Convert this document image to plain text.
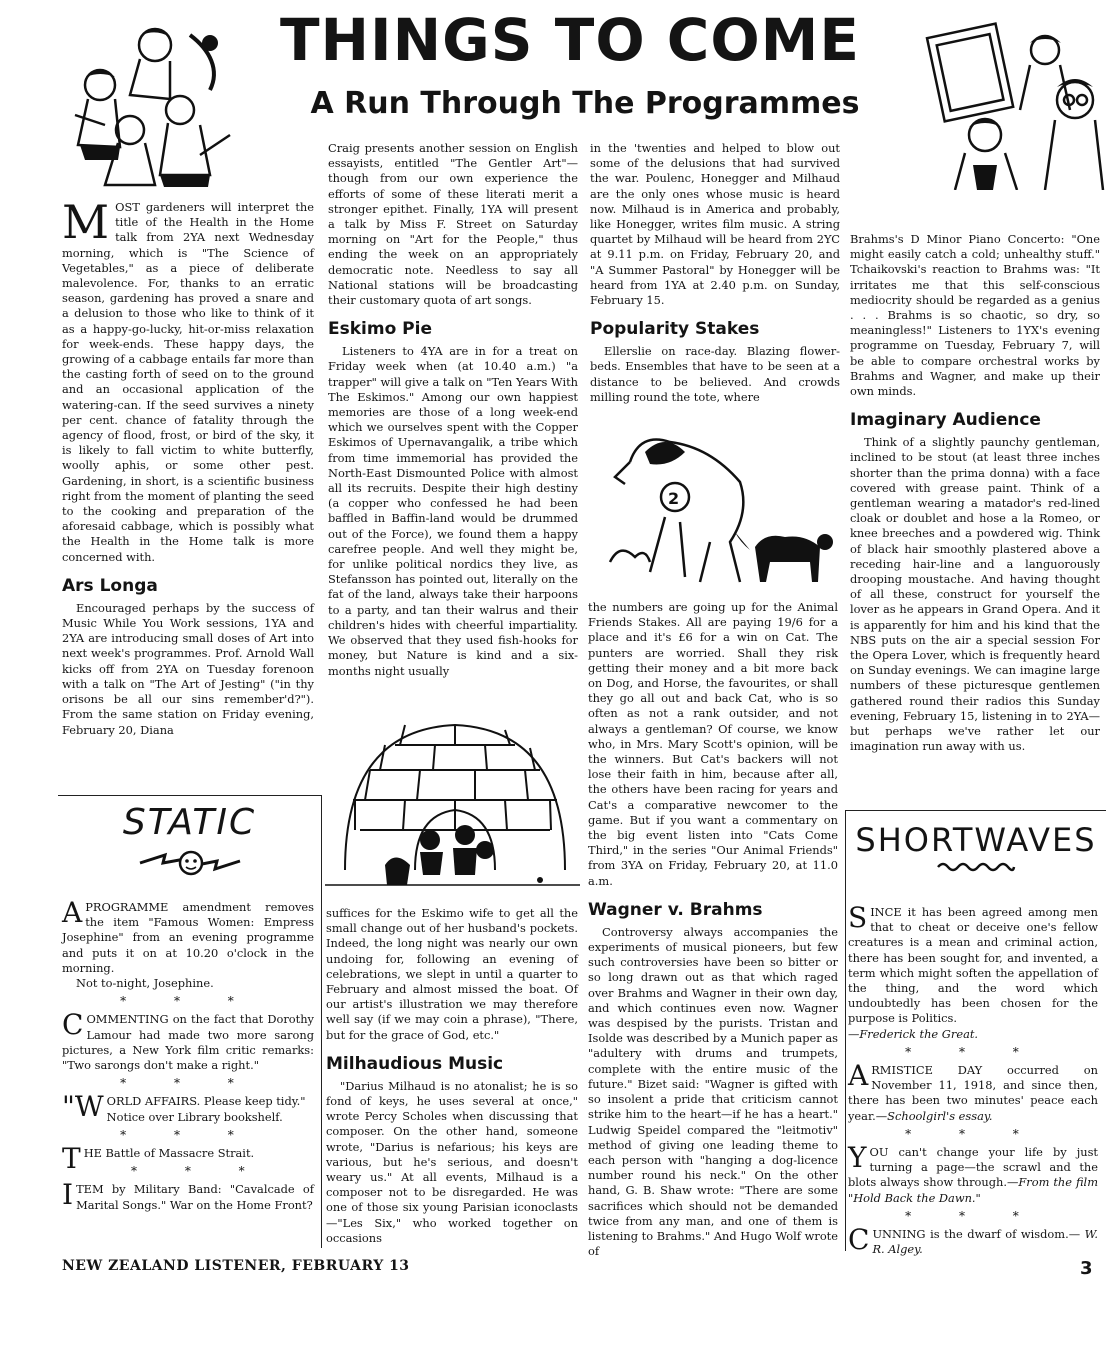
THINGS TO COME
A Run Through The Programmes

MOST gardeners will interpret the title of the Health in the Home talk from 2YA next Wednesday morning, which is "The Science of Vegetables," as a piece of deliberate malevolence. For, thanks to an erratic season, gardening has proved a snare and a delusion to those who like to think of it as a happy-go-lucky, hit-or-miss relaxation for week-ends. These happy days, the growing of a cabbage entails far more than the casting forth of seed on to the ground and an occasional application of the watering-can. If the seed survives a ninety per cent. chance of fatality through the agency of flood, frost, or bird of the sky, it is likely to fall victim to white butterfly, woolly aphis, or some other pest. Gardening, in short, is a scientific business right from the moment of planting the seed to the cooking and preparation of the aforesaid cabbage, which is possibly what the Health in the Home talk is more concerned with.

Ars Longa

Encouraged perhaps by the success of Music While You Work sessions, 1YA and 2YA are introducing small doses of Art into next week's programmes. Prof. Arnold Wall kicks off from 2YA on Tuesday forenoon with a talk on "The Art of Jesting" ("in thy orisons be all our sins remember'd?"). From the same station on Friday evening, February 20, Diana

STATIC

APROGRAMME amendment removes the item "Famous Women: Empress Josephine" from an evening programme and puts it on at 10.20 o'clock in the morning.

Not to-night, Josephine.

* * *

COMMENTING on the fact that Dorothy Lamour had made two more sarong pictures, a New York film critic remarks: "Two sarongs don't make a right."

* * *

"WORLD AFFAIRS. Please keep tidy."

Notice over Library bookshelf.

* * *

THE Battle of Massacre Strait.

* * *

ITEM by Military Band: "Cavalcade of Marital Songs." War on the Home Front?

Craig presents another session on English essayists, entitled "The Gentler Art"—though from our own experience the efforts of some of these literati merit a stronger epithet. Finally, 1YA will present a talk by Miss F. Street on Saturday morning on "Art for the People," thus ending the week on an appropriately democratic note. Needless to say all National stations will be broadcasting their customary quota of art songs.

Eskimo Pie

Listeners to 4YA are in for a treat on Friday week when (at 10.40 a.m.) "a trapper" will give a talk on "Ten Years With The Eskimos." Among our own happiest memories are those of a long week-end which we ourselves spent with the Copper Eskimos of Upernavangalik, a tribe which from time immemorial has provided the North-East Dismounted Police with almost all its recruits. Despite their high destiny (a copper who confessed he had been baffled in Baffin-land would be drummed out of the Force), we found them a happy carefree people. And well they might be, for unlike political nordics they live, as Stefansson has pointed out, literally on the fat of the land, always take their harpoons to a party, and tan their walrus and their children's hides with cheerful impartiality. We observed that they used fish-hooks for money, but Nature is kind and a six-months night usually

suffices for the Eskimo wife to get all the small change out of her husband's pockets. Indeed, the long night was nearly our own undoing for, following an evening of celebrations, we slept in until a quarter to February and almost missed the boat. Of our artist's illustration we may therefore well say (if we may coin a phrase), "There, but for the grace of God, etc."

Milhaudious Music

"Darius Milhaud is no atonalist; he is so fond of keys, he uses several at once," wrote Percy Scholes when discussing that composer. On the other hand, someone wrote, "Darius is nefarious; his keys are various, but he's serious, and doesn't weary us." At all events, Milhaud is a composer not to be disregarded. He was one of those six young Parisian iconoclasts—"Les Six," who worked together on occasions

in the 'twenties and helped to blow out some of the delusions that had survived the war. Poulenc, Honegger and Milhaud are the only ones whose music is heard now. Milhaud is in America and probably, like Honegger, writes film music. A string quartet by Milhaud will be heard from 2YC at 9.11 p.m. on Friday, February 20, and "A Summer Pastoral" by Honegger will be heard from 1YA at 2.40 p.m. on Sunday, February 15.

Popularity Stakes

Ellerslie on race-day. Blazing flower-beds. Ensembles that have to be seen at a distance to be believed. And crowds milling round the tote, where

2

the numbers are going up for the Animal Friends Stakes. All are paying 19/6 for a place and it's £6 for a win on Cat. The punters are worried. Shall they risk getting their money and a bit more back on Dog, and Horse, the favourites, or shall they go all out and back Cat, who is so often as not a rank outsider, and not always a gentleman? Of course, we know who, in Mrs. Mary Scott's opinion, will be the winners. But Cat's backers will not lose their faith in him, because after all, the others have been racing for years and Cat's a comparative newcomer to the game. But if you want a commentary on the big event listen into "Cats Come Third," in the series "Our Animal Friends" from 3YA on Friday, February 20, at 11.0 a.m.

Wagner v. Brahms

Controversy always accompanies the experiments of musical pioneers, but few such controversies have been so bitter or so long drawn out as that which raged over Brahms and Wagner in their own day, and which continues even now. Wagner was despised by the purists. Tristan and Isolde was described by a Munich paper as "adultery with drums and trumpets, complete with the entire music of the future." Bizet said: "Wagner is gifted with so insolent a pride that criticism cannot strike him to the heart—if he has a heart." Ludwig Speidel compared the "leitmotiv" method of giving one leading theme to each person with "hanging a dog-licence number round his neck." On the other hand, G. B. Shaw wrote: "There are some sacrifices which should not be demanded twice from any man, and one of them is listening to Brahms." And Hugo Wolf wrote of

Brahms's D Minor Piano Concerto: "One might easily catch a cold; unhealthy stuff." Tchaikovski's reaction to Brahms was: "It irritates me that this self-conscious mediocrity should be regarded as a genius . . . Brahms is so chaotic, so dry, so meaningless!" Listeners to 1YX's evening programme on Tuesday, February 7, will be able to compare orchestral works by Brahms and Wagner, and make up their own minds.

Imaginary Audience

Think of a slightly paunchy gentleman, inclined to be stout (at least three inches shorter than the prima donna) with a face covered with grease paint. Think of a gentleman wearing a matador's red-lined cloak or doublet and hose a la Romeo, or knee breeches and a powdered wig. Think of black hair smoothly plastered above a receding hair-line and a languorously drooping moustache. And having thought of all these, construct for yourself the lover as he appears in Grand Opera. And it is apparently for him and his kind that the NBS puts on the air a special session For the Opera Lover, which is frequently heard on Sunday evenings. We can imagine large numbers of these picturesque gentlemen gathered round their radios this Sunday evening, February 15, listening in to 2YA—but perhaps we've rather let our imagination run away with us.

SHORTWAVES

SINCE it has been agreed among men that to cheat or deceive one's fellow creatures is a mean and criminal action, there has been sought for, and invented, a term which might soften the appellation of the thing, and the word which undoubtedly has been chosen for the purpose is Politics.

—Frederick the Great.

* * *

ARMISTICE DAY occurred on November 11, 1918, and since then, there has been two minutes' peace each year.—Schoolgirl's essay.

* * *

YOU can't change your life by just turning a page—the scrawl and the blots always show through.—From the film "Hold Back the Dawn."

* * *

CUNNING is the dwarf of wisdom.— W. R. Algey.

NEW ZEALAND LISTENER, FEBRUARY 13	3
